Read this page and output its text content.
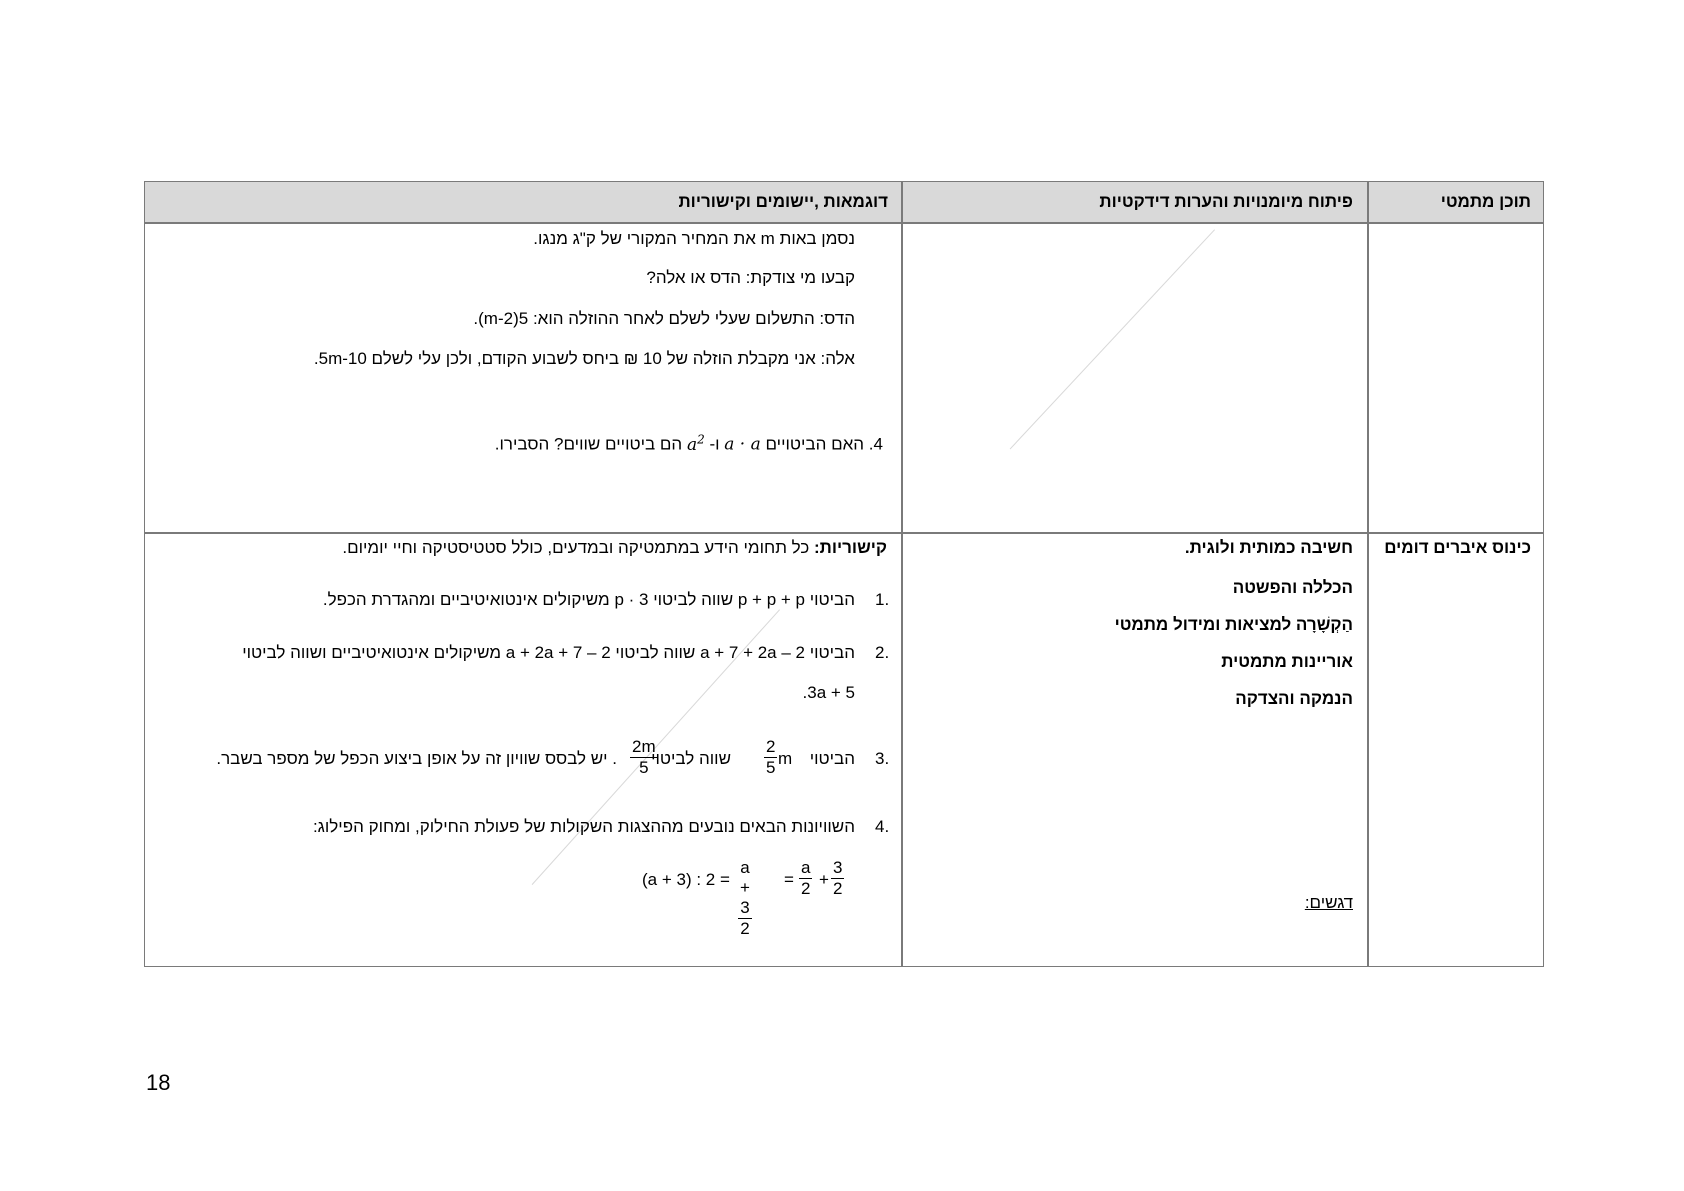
תוכן מתמטי
פיתוח מיומנויות והערות דידקטיות
דוגמאות ,יישומים וקישוריות
נסמן באות m את המחיר המקורי של ק"ג מנגו.
קבעו מי צודקת: הדס או אלה?
הדס: התשלום שעלי לשלם לאחר ההוזלה הוא: 5(m-2).
אלה: אני מקבלת הוזלה של 10 ₪ ביחס לשבוע הקודם, ולכן עלי לשלם 5m-10.
4. האם הביטויים a · a ו- $a^2$ הם ביטויים שווים? הסבירו.
כינוס איברים דומים
חשיבה כמותית ולוגית.
הכללה והפשטה
הַקְשָׁרָה למציאות ומידול מתמטי
אוריינות מתמטית
הנמקה והצדקה
דגשים:
קישוריות: כל תחומי הידע במתמטיקה ובמדעים, כולל סטטיסטיקה וחיי יומיום.
1.
הביטוי p + p + p שווה לביטוי 3 · p משיקולים אינטואיטיביים ומהגדרת הכפל.
2.
הביטוי a + 7 + 2a – 2 שווה לביטוי a + 2a + 7 – 2 משיקולים אינטואיטיביים ושווה לביטוי
3a + 5.
3.
הביטוי
m
$\frac{2}{5}$
שווה לביטוי
$\frac{2m}{5}$
. יש לבסס שוויון זה על אופן ביצוע הכפל של מספר בשבר.
4.
השוויונות הבאים נובעים מההצגות השקולות של פעולת החילוק, ומחוק הפילוג:
(a + 3) : $2 = \frac{a + 3}{2} = \frac{a}{2} + \frac{3}{2}$
18
